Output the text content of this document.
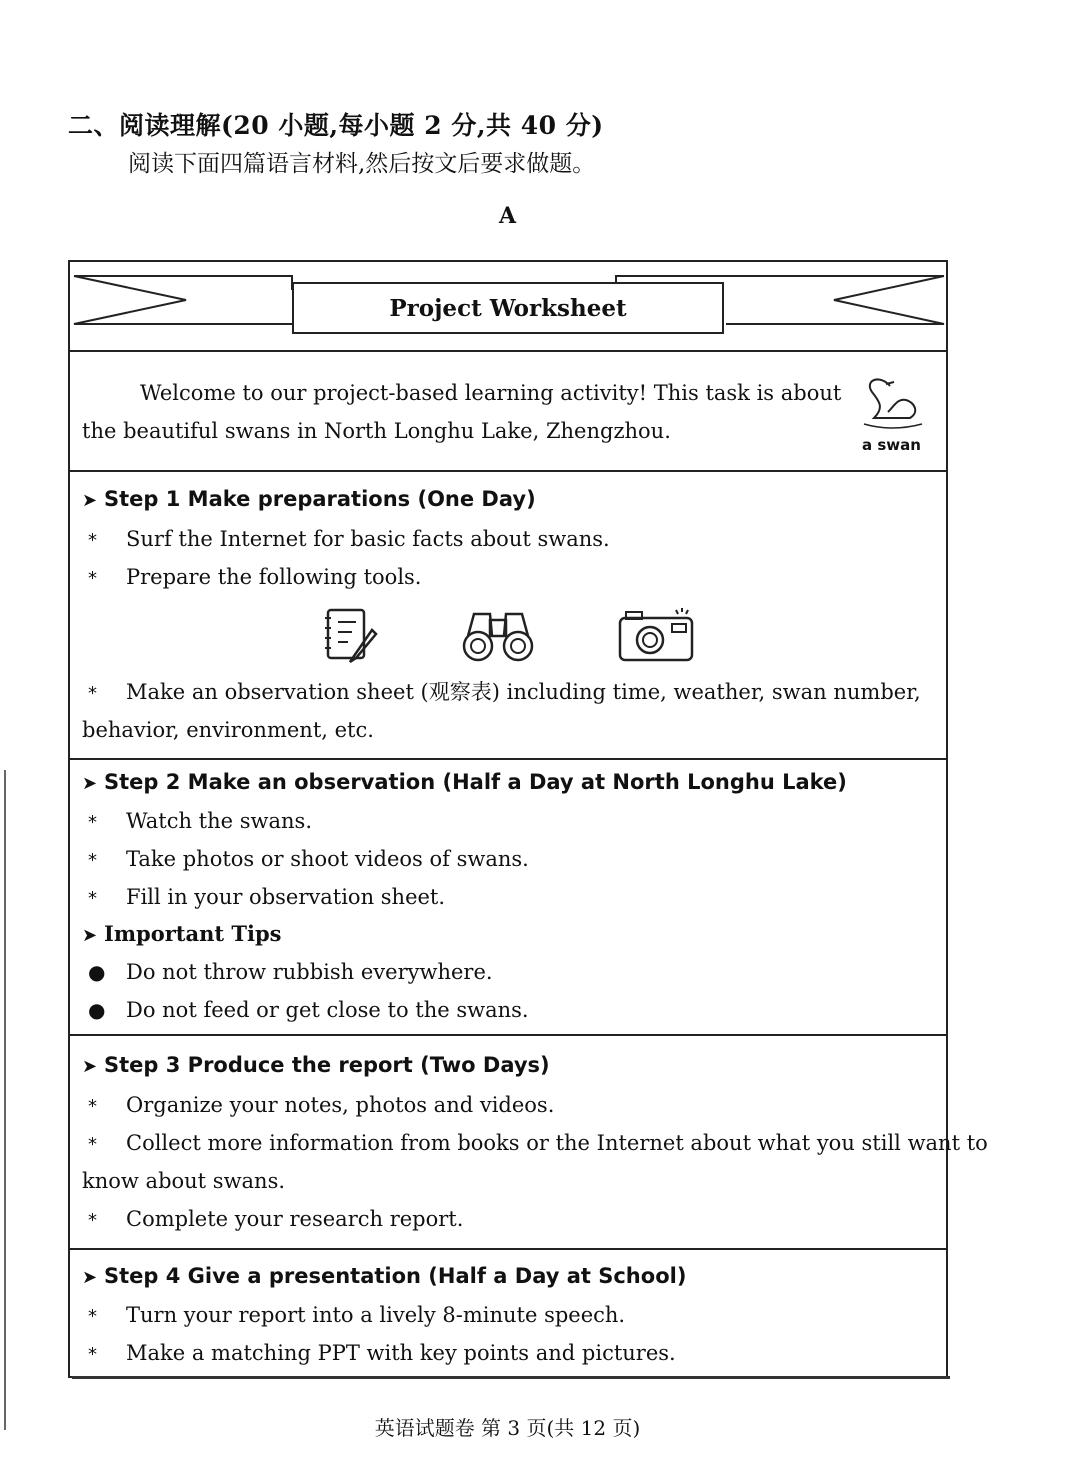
二、阅读理解(20 小题,每小题 2 分,共 40 分)
阅读下面四篇语言材料,然后按文后要求做题。
A
Project Worksheet
Welcome to our project-based learning activity! This task is about
the beautiful swans in North Longhu Lake, Zhengzhou.
a swan
➤ Step 1 Make preparations (One Day)
* Surf the Internet for basic facts about swans.
* Prepare the following tools.
* Make an observation sheet (观察表) including time, weather, swan number,
behavior, environment, etc.
➤ Step 2 Make an observation (Half a Day at North Longhu Lake)
* Watch the swans.
* Take photos or shoot videos of swans.
* Fill in your observation sheet.
➤ Important Tips
● Do not throw rubbish everywhere.
● Do not feed or get close to the swans.
➤ Step 3 Produce the report (Two Days)
* Organize your notes, photos and videos.
* Collect more information from books or the Internet about what you still want to
know about swans.
* Complete your research report.
➤ Step 4 Give a presentation (Half a Day at School)
* Turn your report into a lively 8-minute speech.
* Make a matching PPT with key points and pictures.
英语试题卷 第 3 页(共 12 页)
